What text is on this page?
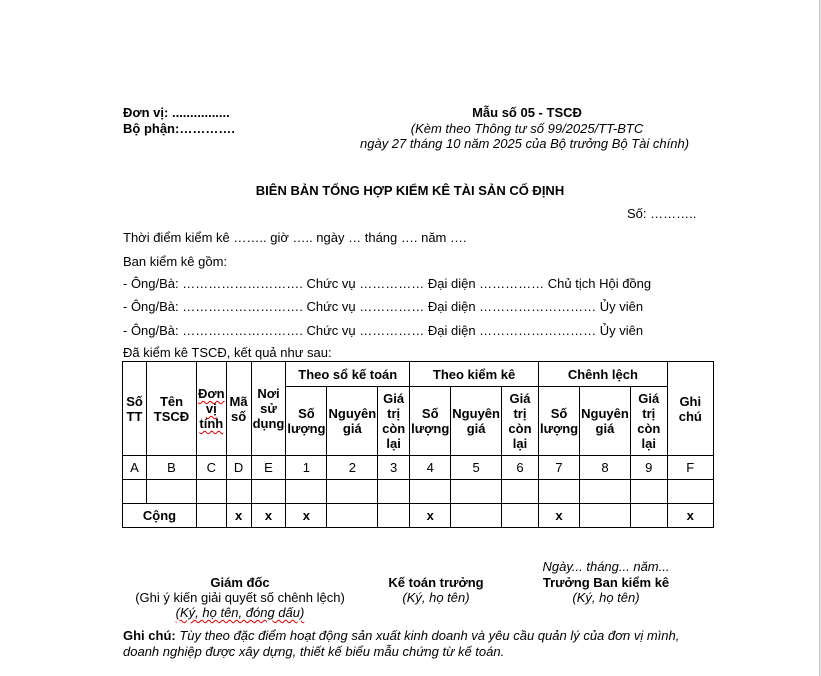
Đơn vị: ................
Bộ phận:………….
Mẫu số 05 - TSCĐ
(Kèm theo Thông tư số 99/2025/TT-BTC
ngày 27 tháng 10 năm 2025 của Bộ trưởng Bộ Tài chính)
BIÊN BẢN TỔNG HỢP KIỂM KÊ TÀI SẢN CỐ ĐỊNH
Số: ………..
Thời điểm kiểm kê …….. giờ ….. ngày … tháng …. năm ….
Ban kiểm kê gồm:
- Ông/Bà: ………………………. Chức vụ …………… Đại diện …………… Chủ tịch Hội đồng
- Ông/Bà: ………………………. Chức vụ …………… Đại diện ……………………… Ủy viên
- Ông/Bà: ………………………. Chức vụ …………… Đại diện ……………………… Ủy viên
Đã kiểm kê TSCĐ, kết quả như sau:
Số TT	Tên TSCĐ	Đơn vị tính	Mã số	Nơi sử dụng	Theo sổ kế toán			Theo kiểm kê			Chênh lệch			Ghi chú
					Số lượng	Nguyên giá	Giá trị còn lại	Số lượng	Nguyên giá	Giá trị còn lại	Số lượng	Nguyên giá	Giá trị còn lại	
A	B	C	D	E	1	2	3	4	5	6	7	8	9	F

Cộng			x	x	x			x			x			x
Ngày... tháng... năm...
Giám đốc
(Ghi ý kiến giải quyết số chênh lệch)
(Ký, họ tên, đóng dấu)
Kế toán trưởng
(Ký, họ tên)
Trưởng Ban kiểm kê
(Ký, họ tên)
Ghi chú: Tùy theo đặc điểm hoạt động sản xuất kinh doanh và yêu cầu quản lý của đơn vị mình,
doanh nghiệp được xây dựng, thiết kế biểu mẫu chứng từ kế toán.
